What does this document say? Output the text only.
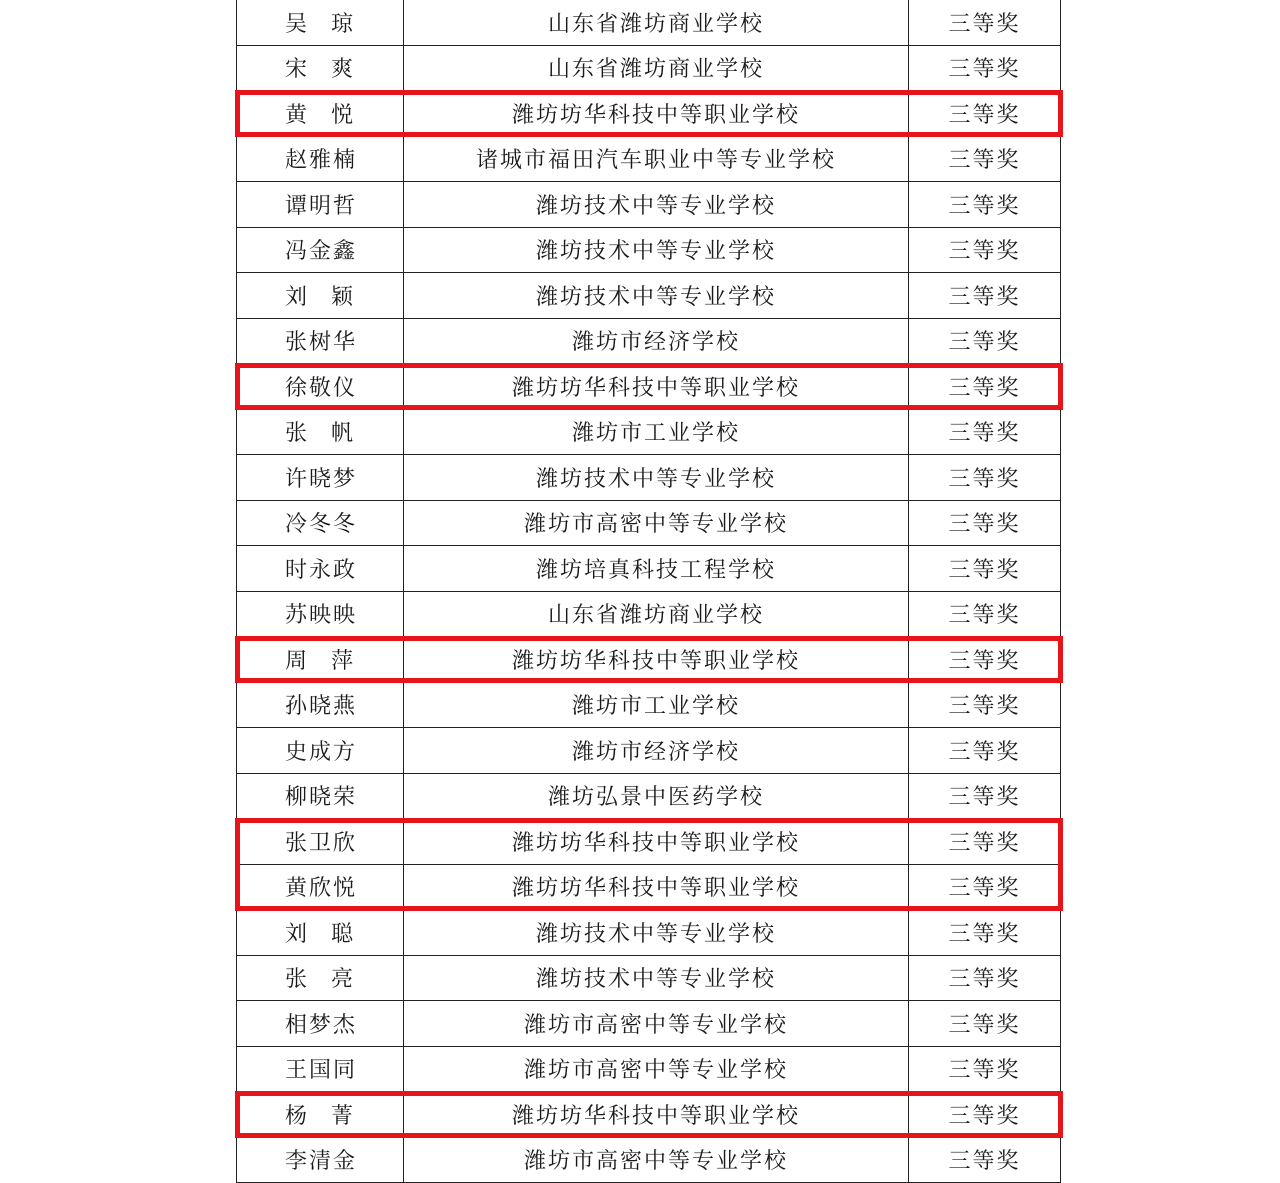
吴 琼	山东省潍坊商业学校	三等奖
宋 爽	山东省潍坊商业学校	三等奖
黄 悦	潍坊坊华科技中等职业学校	三等奖
赵雅楠	诸城市福田汽车职业中等专业学校	三等奖
谭明哲	潍坊技术中等专业学校	三等奖
冯金鑫	潍坊技术中等专业学校	三等奖
刘 颖	潍坊技术中等专业学校	三等奖
张树华	潍坊市经济学校	三等奖
徐敬仪	潍坊坊华科技中等职业学校	三等奖
张 帆	潍坊市工业学校	三等奖
许晓梦	潍坊技术中等专业学校	三等奖
冷冬冬	潍坊市高密中等专业学校	三等奖
时永政	潍坊培真科技工程学校	三等奖
苏映映	山东省潍坊商业学校	三等奖
周 萍	潍坊坊华科技中等职业学校	三等奖
孙晓燕	潍坊市工业学校	三等奖
史成方	潍坊市经济学校	三等奖
柳晓荣	潍坊弘景中医药学校	三等奖
张卫欣	潍坊坊华科技中等职业学校	三等奖
黄欣悦	潍坊坊华科技中等职业学校	三等奖
刘 聪	潍坊技术中等专业学校	三等奖
张 亮	潍坊技术中等专业学校	三等奖
相梦杰	潍坊市高密中等专业学校	三等奖
王国同	潍坊市高密中等专业学校	三等奖
杨 菁	潍坊坊华科技中等职业学校	三等奖
李清金	潍坊市高密中等专业学校	三等奖
